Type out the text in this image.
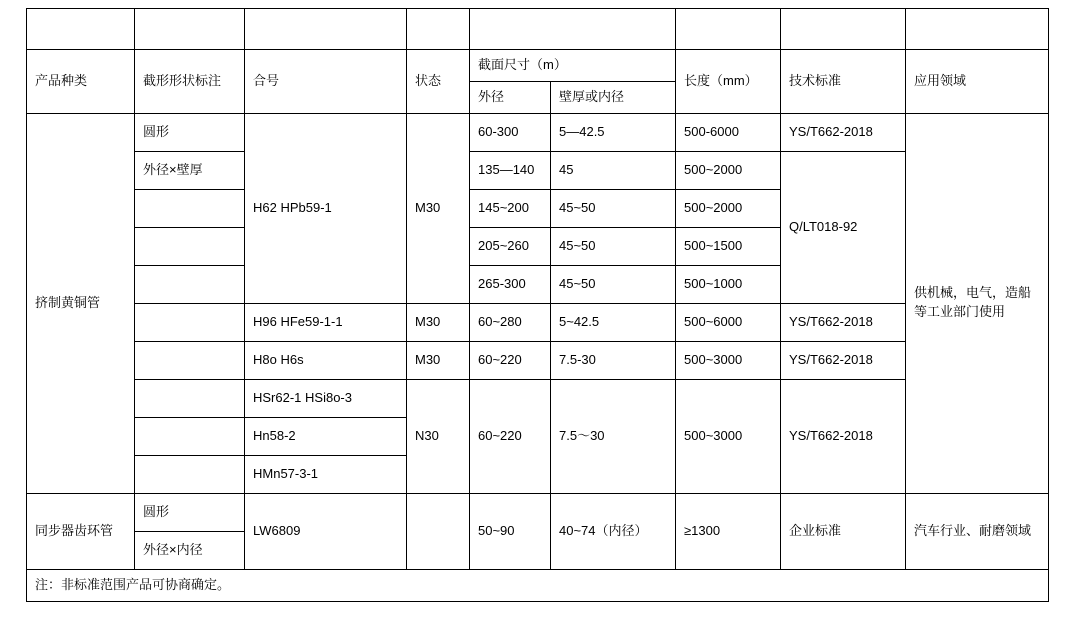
产品种类	截形形状标注	合号	状态	截面尺寸（m）		长度（mm）	技术标准	应用领域
				外径	壁厚或内径			
挤制黄铜管	圆形	H62 HPb59-1	M30	60-300	5—42.5	500-6000	YS/T662-2018	供机械，电气，造船等工业部门使用
	外径×壁厚			135—140	45	500~2000	Q/LT018-92	
				145~200	45~50	500~2000		
				205~260	45~50	500~1500		
				265-300	45~50	500~1000		
		H96 HFe59-1-1	M30	60~280	5~42.5	500~6000	YS/T662-2018	
		H8o H6s	M30	60~220	7.5-30	500~3000	YS/T662-2018	
		HSr62-1 HSi8o-3	N30	60~220	7.5～30	500~3000	YS/T662-2018	
		Hn58-2						
		HMn57-3-1						
同步器齿环管	圆形	LW6809		50~90	40~74（内径）	≥1300	企业标准	汽车行业、耐磨领域
	外径×内径							
注：非标准范围产品可协商确定。								
